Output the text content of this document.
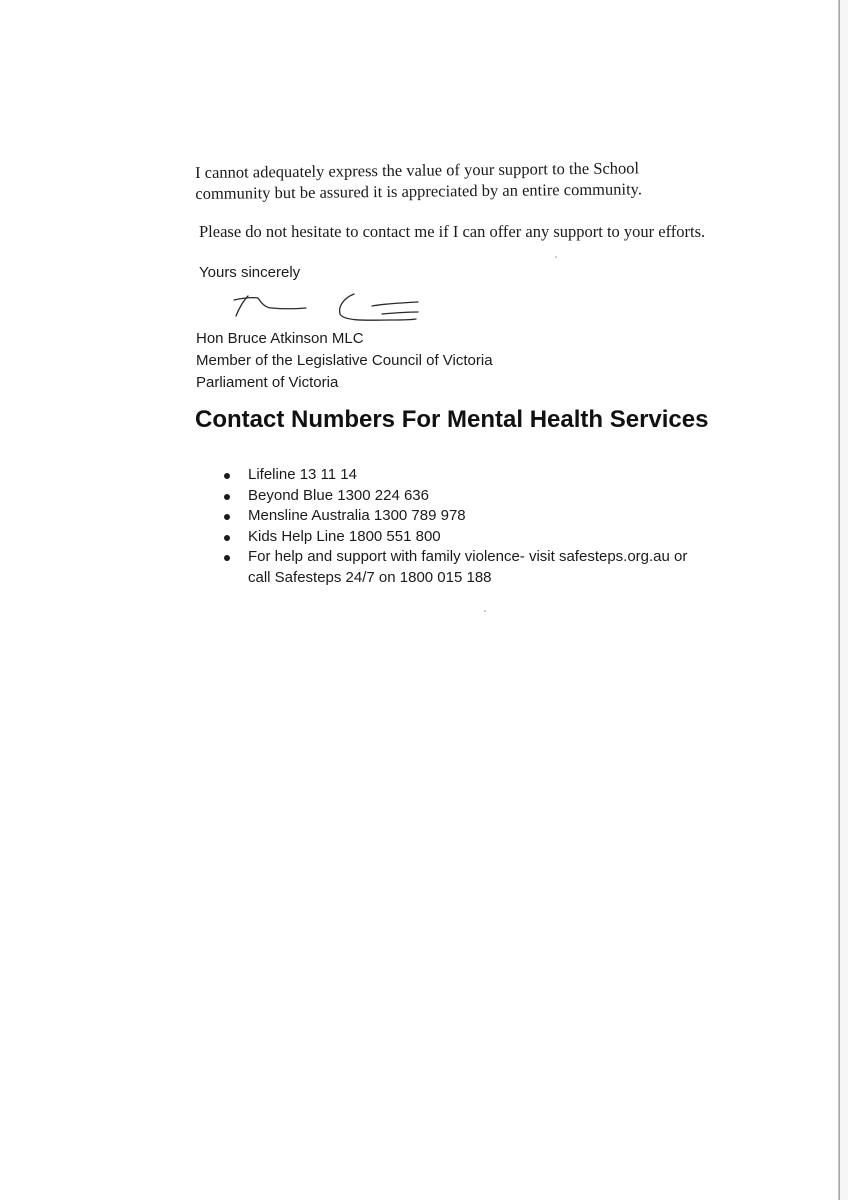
I cannot adequately express the value of your support to the School
community but be assured it is appreciated by an entire community.
Please do not hesitate to contact me if I can offer any support to your efforts.
Yours sincerely
Hon Bruce Atkinson MLC
Member of the Legislative Council of Victoria
Parliament of Victoria
Contact Numbers For Mental Health Services
Lifeline 13 11 14
Beyond Blue 1300 224 636
Mensline Australia 1300 789 978
Kids Help Line 1800 551 800
For help and support with family violence- visit safesteps.org.au or
call Safesteps 24/7 on 1800 015 188
